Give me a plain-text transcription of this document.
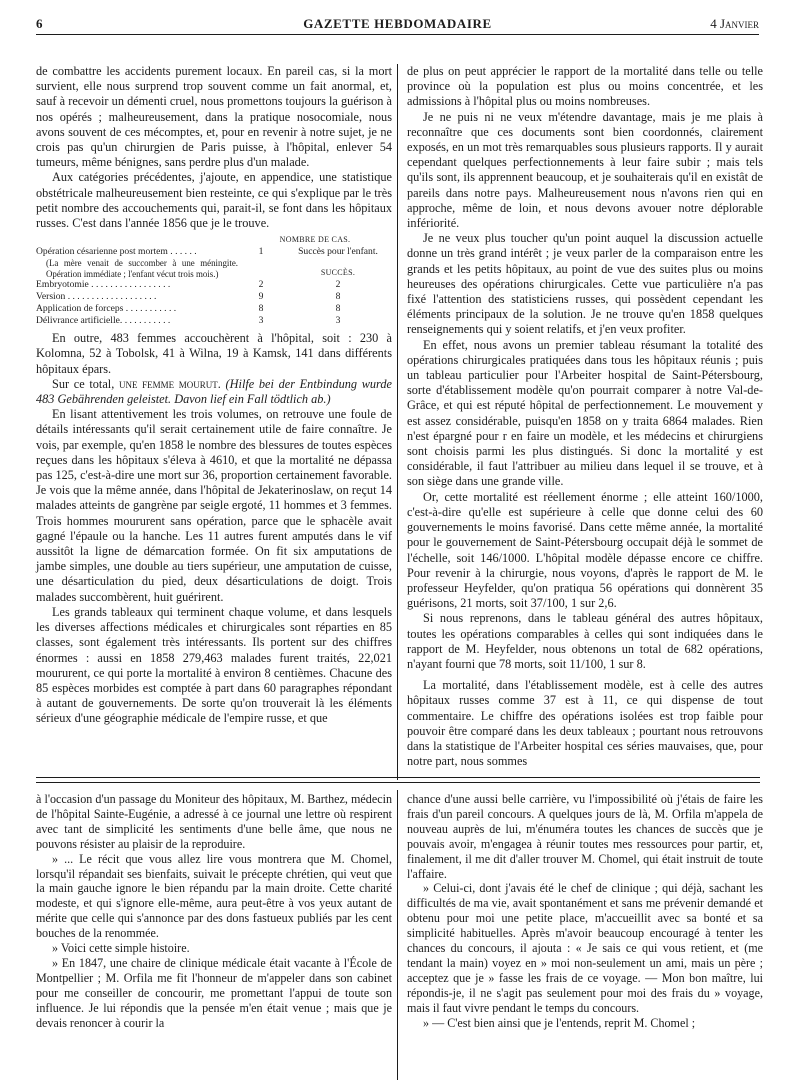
6	GAZETTE HEBDOMADAIRE	4 Janvier

de combattre les accidents purement locaux. En pareil cas, si la mort survient, elle nous surprend trop souvent comme un fait anormal, et, sauf à recevoir un démenti cruel, nous promettons toujours la guérison à nos opérés ; malheureusement, dans la pratique nosocomiale, nous avons souvent de ces mécomptes, et, pour en revenir à notre sujet, je ne crois pas qu'un chirurgien de Paris puisse, à l'hôpital, enlever 54 tumeurs, même bénignes, sans perdre plus d'un malade.

Aux catégories précédentes, j'ajoute, en appendice, une statistique obstétricale malheureusement bien resteinte, ce qui s'explique par le très petit nombre des accouchements qui, parait-il, se font dans les hôpitaux russes. C'est dans l'année 1856 que je le trouve.

	NOMBRE DE CAS.	
Opération césarienne post mortem . . . . . .	1	Succès pour l'enfant.
(La mère venait de succomber à une méningite. Opération immédiate ; l'enfant vécut trois mois.)		SUCCÈS.
Embryotomie . . . . . . . . . . . . . . . . .	2	2
Version . . . . . . . . . . . . . . . . . . .	9	8
Application de forceps . . . . . . . . . . .	8	8
Délivrance artificielle. . . . . . . . . . .	3	3

En outre, 483 femmes accouchèrent à l'hôpital, soit : 230 à Kolomna, 52 à Tobolsk, 41 à Wilna, 19 à Kamsk, 141 dans différents hôpitaux épars.

Sur ce total, une femme mourut. (Hilfe bei der Entbindung wurde 483 Gebährenden geleistet. Davon lief ein Fall tödtlich ab.)

En lisant attentivement les trois volumes, on retrouve une foule de détails intéressants qu'il serait certainement utile de faire connaître. Je vois, par exemple, qu'en 1858 le nombre des blessures de toutes espèces reçues dans les hôpitaux s'éleva à 4610, et que la mortalité ne dépassa pas 125, c'est-à-dire une mort sur 36, proportion certainement favorable. Je vois que la même année, dans l'hôpital de Jekaterinoslaw, on reçut 14 malades atteints de gangrène par seigle ergoté, 11 hommes et 3 femmes. Trois hommes moururent sans opération, parce que le sphacèle avait gagné l'épaule ou la hanche. Les 11 autres furent amputés dans le vif aussitôt la ligne de démarcation formée. On fit six amputations de jambe simples, une double au tiers supérieur, une amputation de cuisse, une désarticulation du pied, deux désarticulations de doigt. Trois malades succombèrent, huit guérirent.

Les grands tableaux qui terminent chaque volume, et dans lesquels les diverses affections médicales et chirurgicales sont réparties en 85 classes, sont également très intéressants. Ils portent sur des chiffres énormes : aussi en 1858 279,463 malades furent traités, 22,021 moururent, ce qui porte la mortalité à environ 8 centièmes. Chacune des 85 espèces morbides est comptée à part dans 60 paragraphes répondant à autant de gouvernements. De sorte qu'on trouverait là les éléments sérieux d'une géographie médicale de l'empire russe, et que

de plus on peut apprécier le rapport de la mortalité dans telle ou telle province où la population est plus ou moins concentrée, et les admissions à l'hôpital plus ou moins nombreuses.

Je ne puis ni ne veux m'étendre davantage, mais je me plais à reconnaître que ces documents sont bien coordonnés, clairement exposés, en un mot très remarquables sous plusieurs rapports. Il y aurait cependant quelques perfectionnements à leur faire subir ; mais tels qu'ils sont, ils apprennent beaucoup, et je souhaiterais qu'il en existât de pareils dans notre pays. Malheureusement nous n'avons rien qui en approche, même de loin, et nous devons avouer notre déplorable infériorité.

Je ne veux plus toucher qu'un point auquel la discussion actuelle donne un très grand intérêt ; je veux parler de la comparaison entre les grands et les petits hôpitaux, au point de vue des suites plus ou moins heureuses des opérations chirurgicales. Cette vue particulière n'a pas fixé l'attention des statisticiens russes, qui possèdent cependant les éléments principaux de la solution. Je ne trouve qu'en 1858 quelques renseignements qui y soient relatifs, et j'en veux profiter.

En effet, nous avons un premier tableau résumant la totalité des opérations chirurgicales pratiquées dans tous les hôpitaux réunis ; puis un tableau particulier pour l'Arbeiter hospital de Saint-Pétersbourg, sorte d'établissement modèle qu'on pourrait comparer à notre Val-de-Grâce, et qui est réputé hôpital de perfectionnement. Le mouvement y est assez considérable, puisqu'en 1858 on y traita 6864 malades. Rien n'est épargné pour r en faire un modèle, et les médecins et chirurgiens sont choisis parmi les plus distingués. Si donc la mortalité y est considérable, il faut l'attribuer au milieu dans lequel il se trouve, et à son siège dans une grande ville.

Or, cette mortalité est réellement énorme ; elle atteint 160/1000, c'est-à-dire qu'elle est supérieure à celle que donne celui des 60 gouvernements le moins favorisé. Dans cette même année, la mortalité pour le gouvernement de Saint-Pétersbourg occupait déjà le sommet de l'échelle, soit 146/1000. L'hôpital modèle dépasse encore ce chiffre. Pour revenir à la chirurgie, nous voyons, d'après le rapport de M. le professeur Heyfelder, qu'on pratiqua 56 opérations qui donnèrent 35 guérisons, 21 morts, soit 37/100, 1 sur 2,6.

Si nous reprenons, dans le tableau général des autres hôpitaux, toutes les opérations comparables à celles qui sont indiquées dans le rapport de M. Heyfelder, nous obtenons un total de 682 opérations, n'ayant fourni que 78 morts, soit 11/100, 1 sur 8.

La mortalité, dans l'établissement modèle, est à celle des autres hôpitaux russes comme 37 est à 11, ce qui dispense de tout commentaire. Le chiffre des opérations isolées est trop faible pour pouvoir être comparé dans les deux tableaux ; pourtant nous retrouvons dans la statistique de l'Arbeiter hospital ces séries mauvaises, que, pour notre part, nous sommes

à l'occasion d'un passage du Moniteur des hôpitaux, M. Barthez, médecin de l'hôpital Sainte-Eugénie, a adressé à ce journal une lettre où respirent avec tant de simplicité les sentiments d'une belle âme, que nous ne pouvons résister au plaisir de la reproduire.

» ... Le récit que vous allez lire vous montrera que M. Chomel, lorsqu'il répandait ses bienfaits, suivait le précepte chrétien, qui veut que la main gauche ignore le bien répandu par la main droite. Cette charité modeste, et qui s'ignore elle-même, aura peut-être à vos yeux autant de mérite que celle qui s'annonce par des dons fastueux publiés par les cent bouches de la renommée.

» Voici cette simple histoire.

» En 1847, une chaire de clinique médicale était vacante à l'École de Montpellier ; M. Orfila me fit l'honneur de m'appeler dans son cabinet pour me conseiller de concourir, me promettant l'appui de toute son influence. Je lui répondis que la pensée m'en était venue ; mais que je devais renoncer à courir la

chance d'une aussi belle carrière, vu l'impossibilité où j'étais de faire les frais d'un pareil concours. A quelques jours de là, M. Orfila m'appela de nouveau auprès de lui, m'énuméra toutes les chances de succès que je pouvais avoir, m'engagea à réunir toutes mes ressources pour partir, et, finalement, il me dit d'aller trouver M. Chomel, qui était instruit de toute l'affaire.

» Celui-ci, dont j'avais été le chef de clinique ; qui déjà, sachant les difficultés de ma vie, avait spontanément et sans me prévenir demandé et obtenu pour moi une petite place, m'accueillit avec sa bonté et sa simplicité habituelles. Après m'avoir beaucoup encouragé à tenter les chances du concours, il ajouta : « Je sais ce qui vous retient, et (me tendant la main) voyez en » moi non-seulement un ami, mais un père ; acceptez que je » fasse les frais de ce voyage. — Mon bon maître, lui répondis-je, il ne s'agit pas seulement pour moi des frais du » voyage, mais il faut vivre pendant le temps du concours.

» — C'est bien ainsi que je l'entends, reprit M. Chomel ;
